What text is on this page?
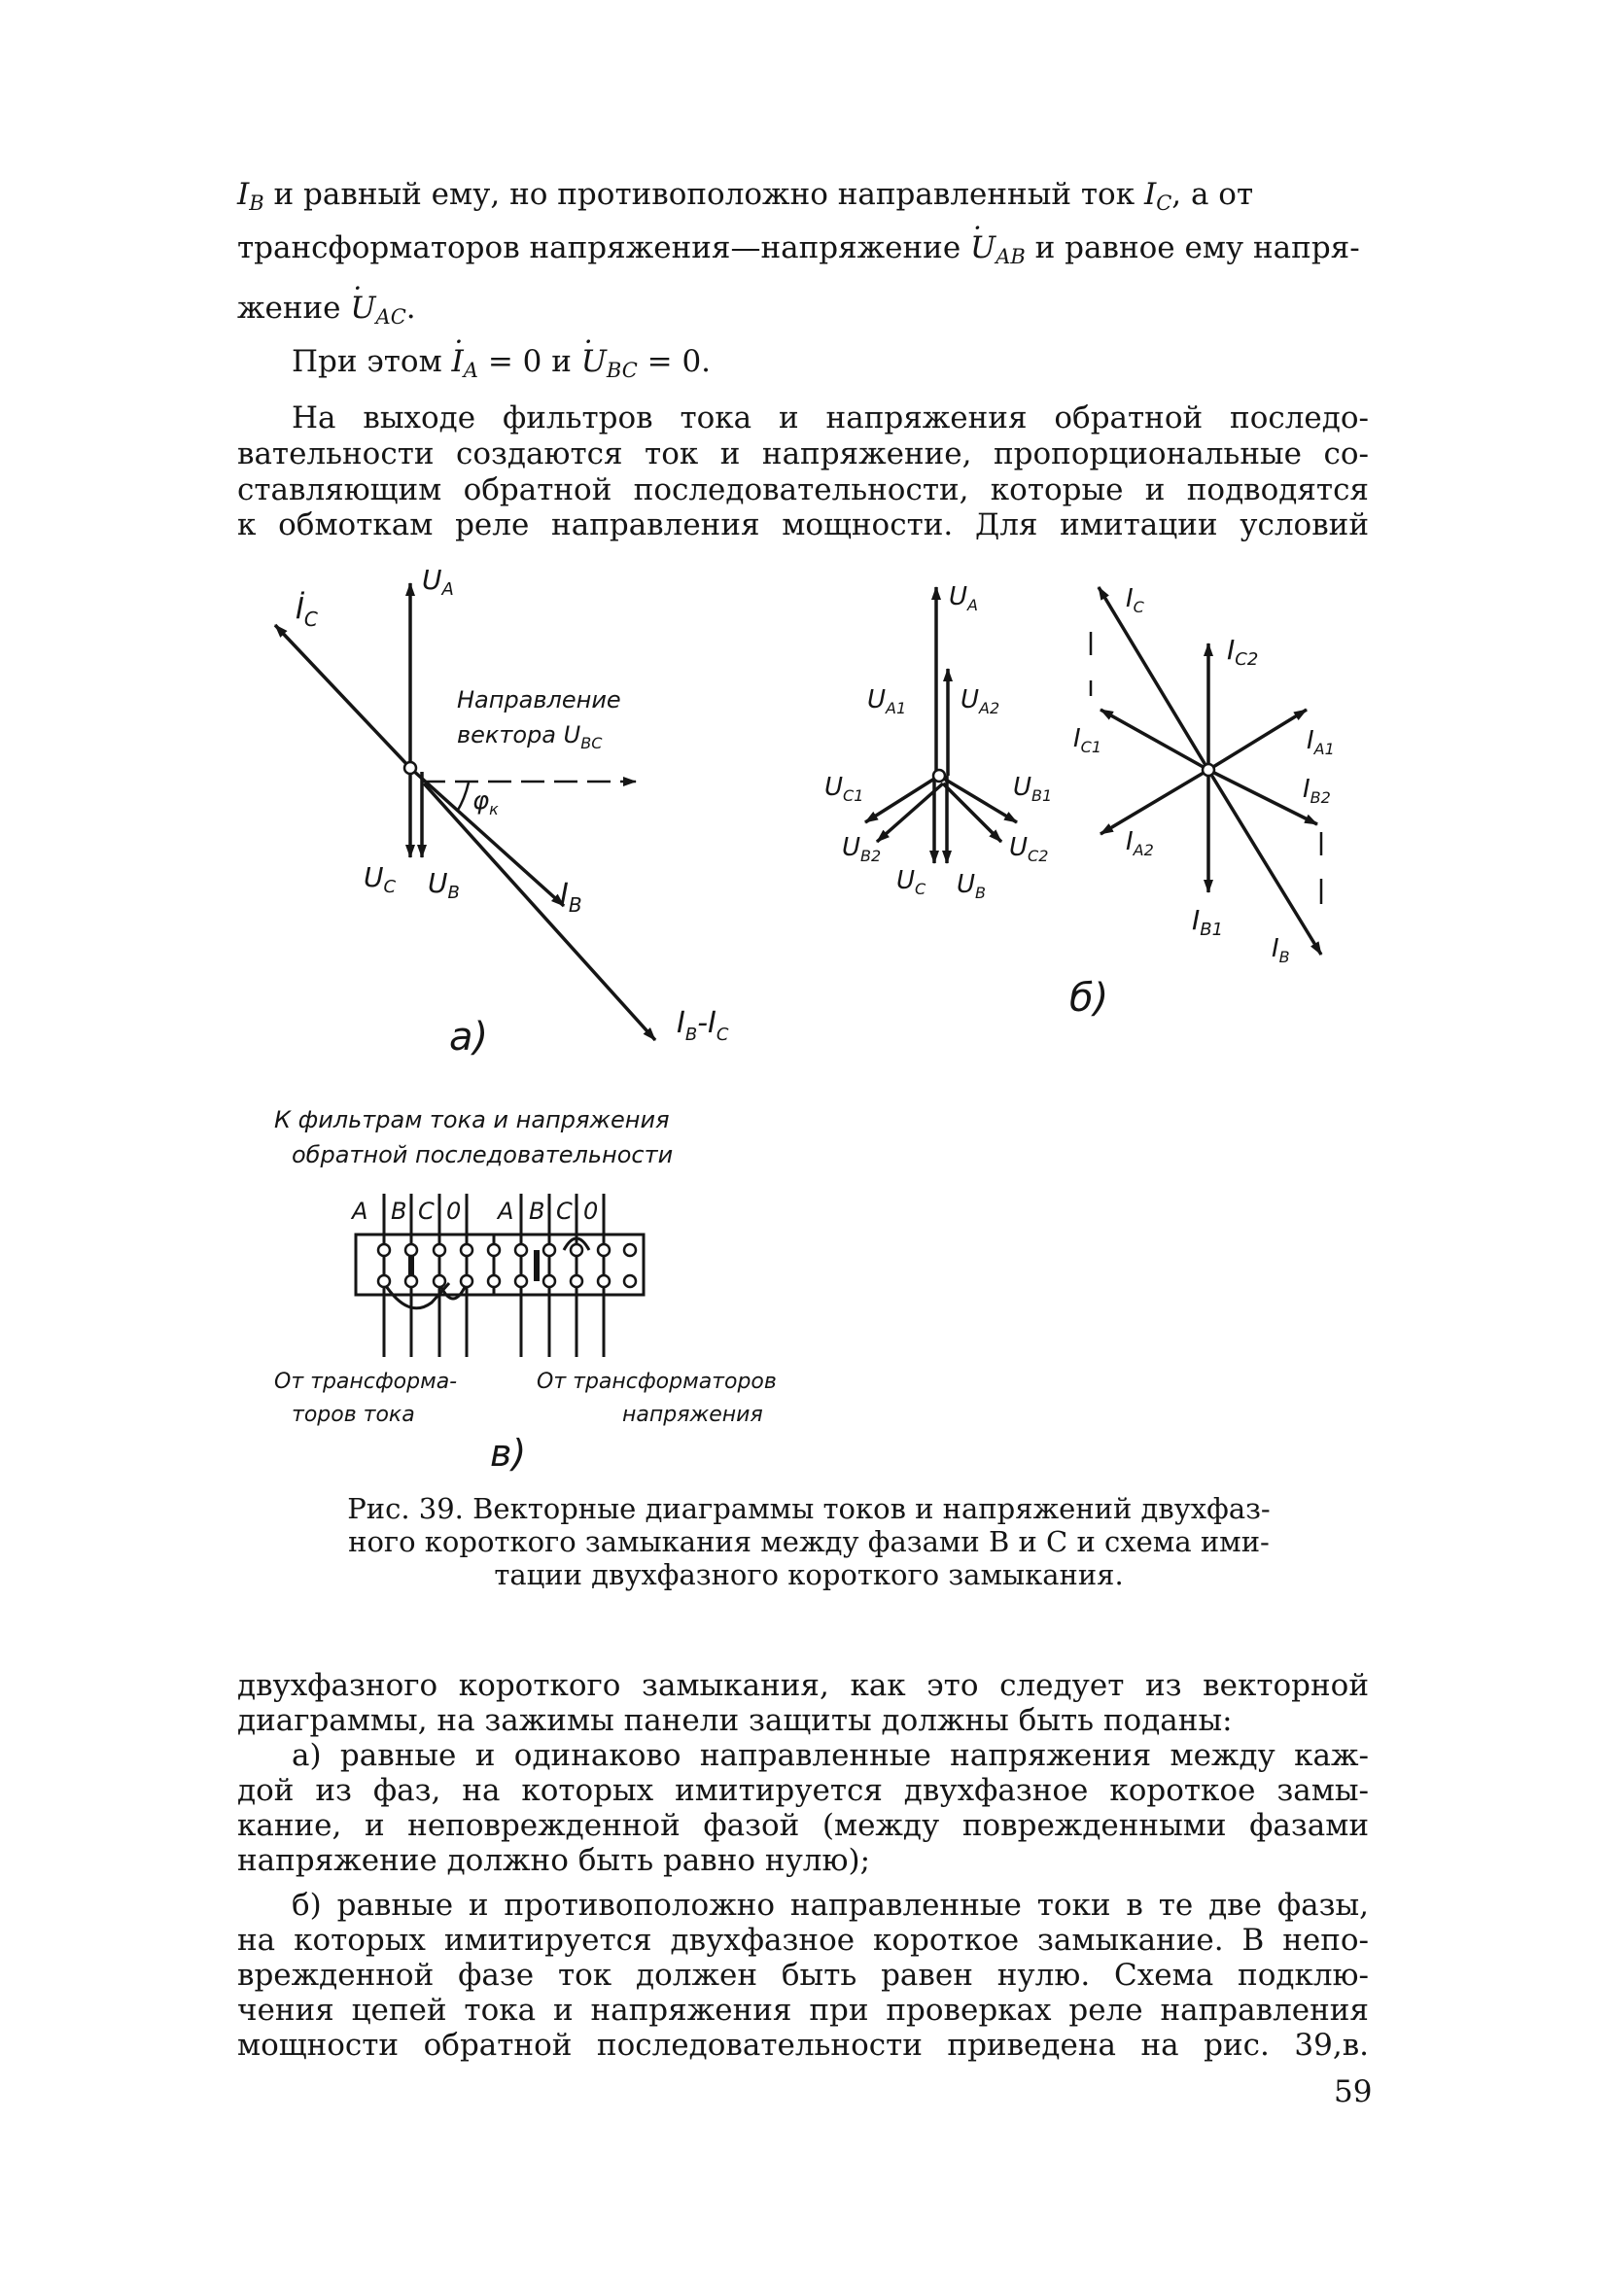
$I_B$ и равный ему, но противоположно направленный ток $I_C$, а от
трансформаторов напряжения—напряжение · $U_{AB}$ и равное ему напря-
жение · $U_{AC}$.
При этом · $I_A = 0$ $и \cdot U_{BC} = 0$.
На выходе фильтров тока и напряжения обратной последо-
вательности создаются ток и напряжение, пропорциональные со-
ставляющим обратной последовательности, которые и подводятся
к обмоткам реле направления мощности. Для имитации условий
$İ_C$
$U_A$
Направление
вектора $U_{BC}$
$\varphi_к$
$U_C$ $U_B$	$I_B$
$I_B-I_C$
а)
$U_A$
$U_{A1}$ $U_{A2}$
$U_{C1}$	$U_{B1}$
$U_{B2}$	$U_{C2}$
$U_C$ $U_B$
$I_C$
$I_{C2}$
$I_{C1}$	$I_{A1}$
$I_{B2}$
$I_{A2}$
$I_{B1}$
$I_B$
б)
К фильтрам тока и напряжения
обратной последовательности
A B C 0 A B C 0
От трансформа-
торов тока
От трансформаторов
напряжения
в)
Рис. 39. Векторные диаграммы токов и напряжений двухфаз-
ного короткого замыкания между фазами В и С и схема ими-
тации двухфазного короткого замыкания.
двухфазного короткого замыкания, как это следует из векторной
диаграммы, на зажимы панели защиты должны быть поданы:
а) равные и одинаково направленные напряжения между каж-
дой из фаз, на которых имитируется двухфазное короткое замы-
кание, и неповрежденной фазой (между поврежденными фазами
напряжение должно быть равно нулю);
б) равные и противоположно направленные токи в те две фазы,
на которых имитируется двухфазное короткое замыкание. В непо-
врежденной фазе ток должен быть равен нулю. Схема подклю-
чения цепей тока и напряжения при проверках реле направления
мощности обратной последовательности приведена на рис. 39,в.
59
